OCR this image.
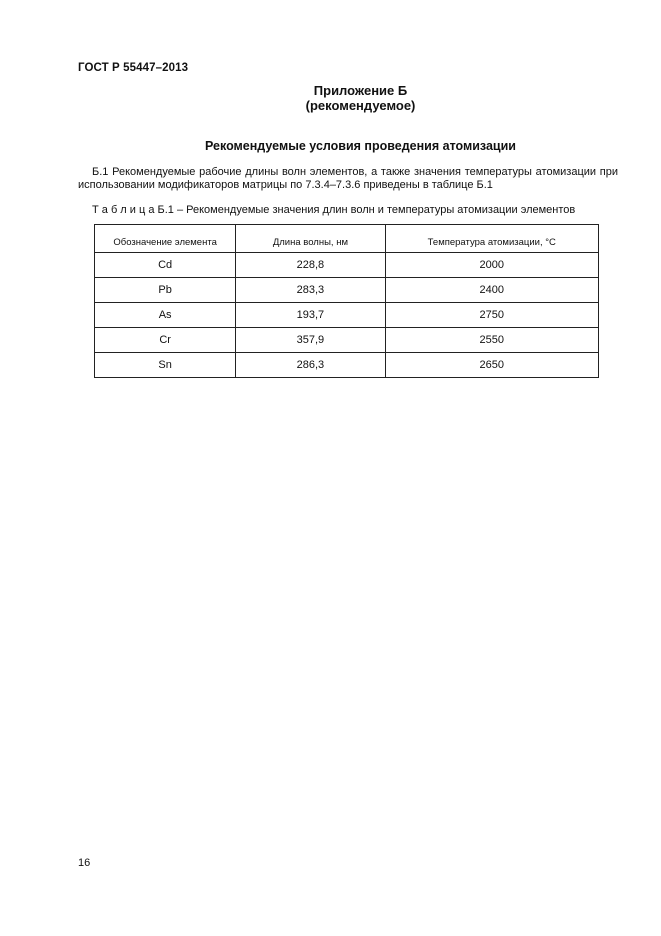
ГОСТ Р 55447–2013
Приложение Б
(рекомендуемое)
Рекомендуемые условия проведения атомизации
Б.1 Рекомендуемые рабочие длины волн элементов, а также значения температуры атомизации при использовании модификаторов матрицы по 7.3.4–7.3.6 приведены в таблице Б.1
Т а б л и ц а Б.1 – Рекомендуемые значения длин волн и температуры атомизации элементов
Обозначение элемента	Длина волны, нм	Температура атомизации, °С
Cd	228,8	2000
Pb	283,3	2400
As	193,7	2750
Cr	357,9	2550
Sn	286,3	2650
16
